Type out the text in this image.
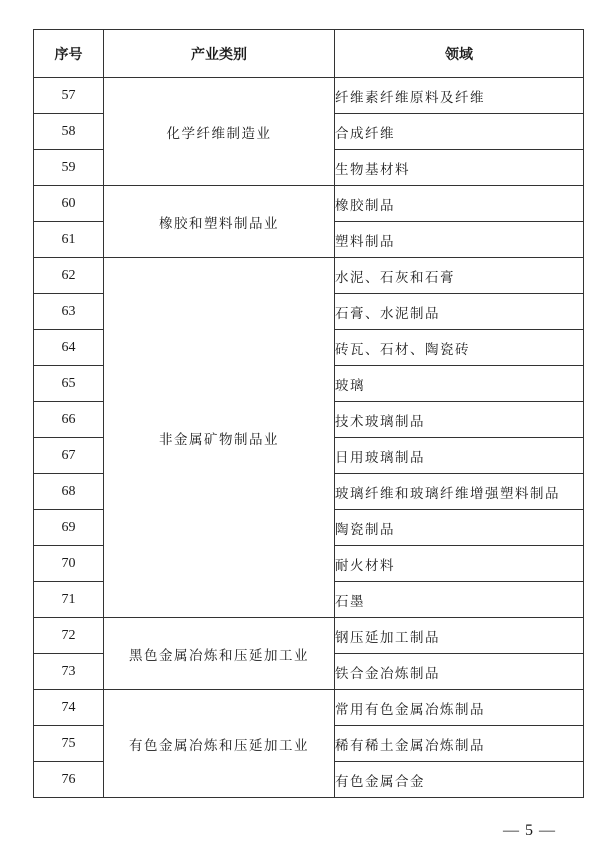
序号	产业类别	领域
57	化学纤维制造业	纤维素纤维原料及纤维
58		合成纤维
59		生物基材料
60	橡胶和塑料制品业	橡胶制品
61		塑料制品
62	非金属矿物制品业	水泥、石灰和石膏
63		石膏、水泥制品
64		砖瓦、石材、陶瓷砖
65		玻璃
66		技术玻璃制品
67		日用玻璃制品
68		玻璃纤维和玻璃纤维增强塑料制品
69		陶瓷制品
70		耐火材料
71		石墨
72	黑色金属冶炼和压延加工业	钢压延加工制品
73		铁合金冶炼制品
74	有色金属冶炼和压延加工业	常用有色金属冶炼制品
75		稀有稀土金属冶炼制品
76		有色金属合金
— 5 —
